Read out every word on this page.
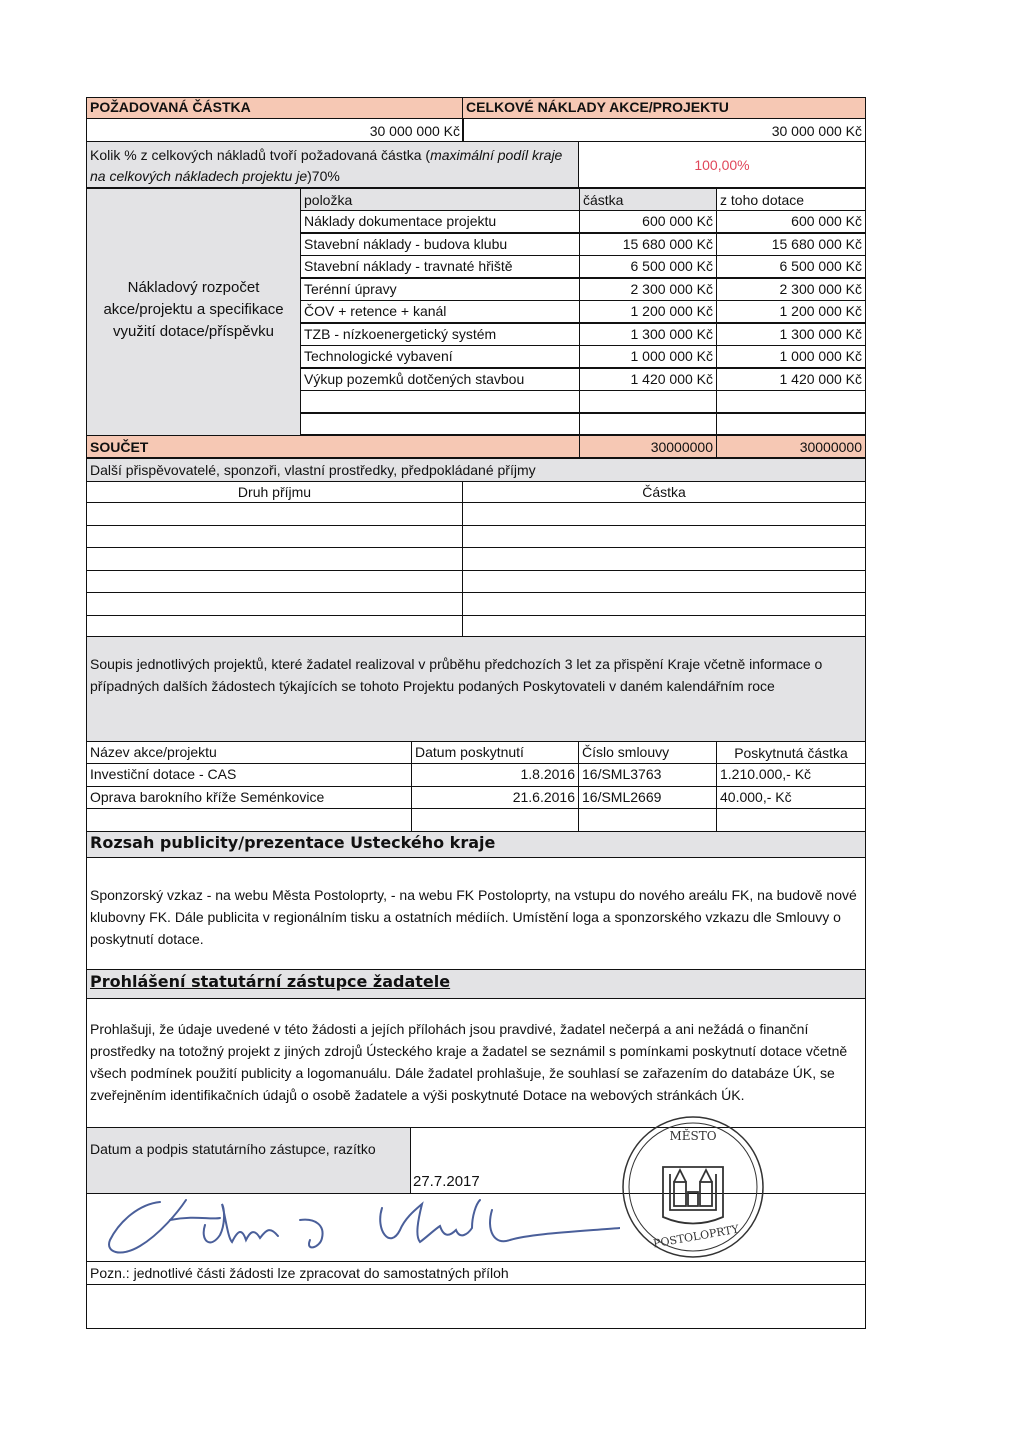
POŽADOVANÁ ČÁSTKA	CELKOVÉ NÁKLADY AKCE/PROJEKTU
30 000 000 Kč	30 000 000 Kč
Kolik % z celkových nákladů tvoří požadovaná částka (maximální podíl kraje na celkových nákladech projektu je)70%
100,00%
Nákladový rozpočet akce/projektu a specifikace využití dotace/příspěvku
položka	částka	z toho dotace
Náklady dokumentace projektu	600 000 Kč	600 000 Kč
Stavební náklady - budova klubu	15 680 000 Kč	15 680 000 Kč
Stavební náklady - travnaté hřiště	6 500 000 Kč	6 500 000 Kč
Terénní úpravy	2 300 000 Kč	2 300 000 Kč
ČOV + retence + kanál	1 200 000 Kč	1 200 000 Kč
TZB - nízkoenergetický systém	1 300 000 Kč	1 300 000 Kč
Technologické vybavení	1 000 000 Kč	1 000 000 Kč
Výkup pozemků dotčených stavbou	1 420 000 Kč	1 420 000 Kč
SOUČET	30000000	30000000
Další přispěvovatelé, sponzoři, vlastní prostředky, předpokládané příjmy
Druh příjmu	Částka
Soupis jednotlivých projektů, které žadatel realizoval v průběhu předchozích 3 let za přispění Kraje včetně informace o případných dalších žádostech týkajících se tohoto Projektu podaných Poskytovateli v daném kalendářním roce
Název akce/projektu	Datum poskytnutí	Číslo smlouvy	Poskytnutá částka
Investiční dotace - CAS	1.8.2016 16/SML3763	1.210.000,- Kč
Oprava barokního kříže Seménkovice	21.6.2016 16/SML2669	40.000,- Kč
Rozsah publicity/prezentace Usteckého kraje
Sponzorský vzkaz - na webu Města Postoloprty, - na webu FK Postoloprty, na vstupu do nového areálu FK, na budově nové klubovny FK. Dále publicita v regionálním tisku a ostatních médiích. Umístění loga a sponzorského vzkazu dle Smlouvy o poskytnutí dotace.
Prohlášení statutární zástupce žadatele
Prohlašuji, že údaje uvedené v této žádosti a jejích přílohách jsou pravdivé, žadatel nečerpá a ani nežádá o finanční prostředky na totožný projekt z jiných zdrojů Ústeckého kraje a žadatel se seznámil s pomínkami poskytnutí dotace včetně všech podmínek použití publicity a logomanuálu. Dále žadatel prohlašuje, že souhlasí se zařazením do databáze ÚK, se zveřejněním identifikačních údajů o osobě žadatele a výši poskytnuté Dotace na webových stránkách ÚK.
Datum a podpis statutárního zástupce, razítko
27.7.2017
Pozn.: jednotlivé části žádosti lze zpracovat do samostatných příloh
MĚSTO
POSTOLOPRTY
